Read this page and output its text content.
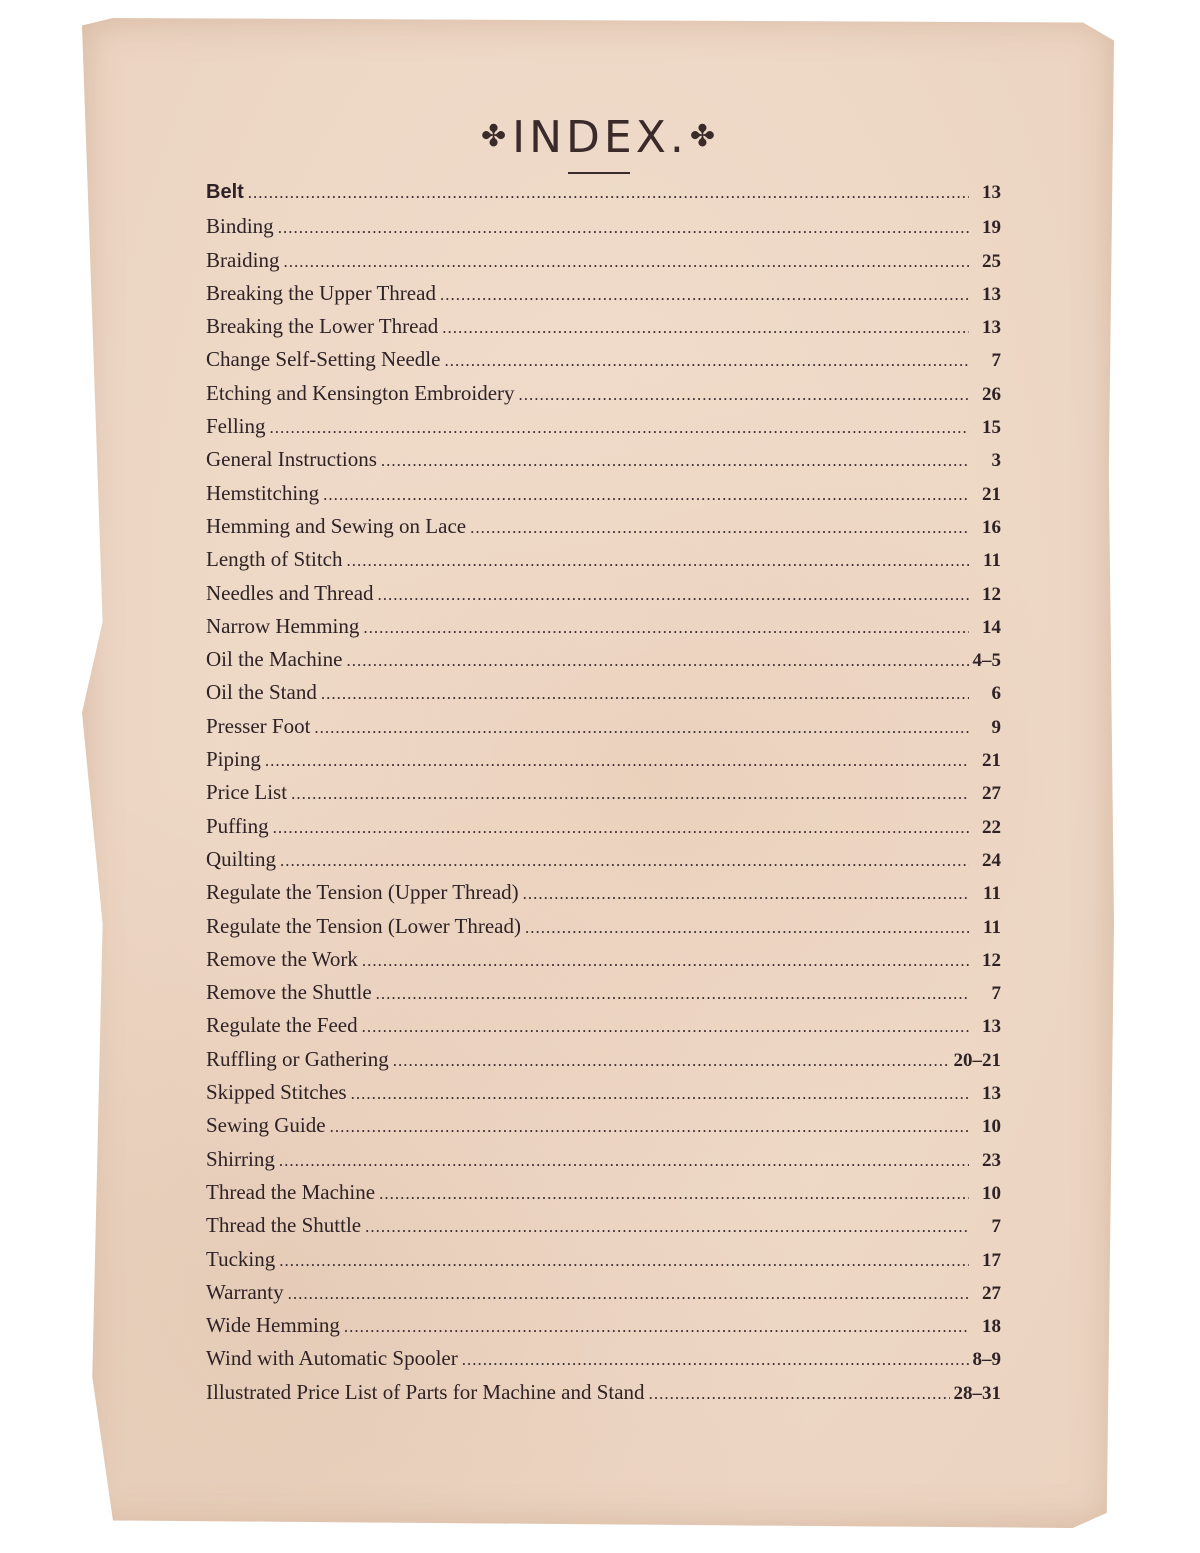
✤INDEX.✤
Belt .....	13
Binding .....	19
Braiding .....	25
Breaking the Upper Thread .....	13
Breaking the Lower Thread .....	13
Change Self-Setting Needle .....	7
Etching and Kensington Embroidery .....	26
Felling .....	15
General Instructions .....	3
Hemstitching .....	21
Hemming and Sewing on Lace .....	16
Length of Stitch .....	11
Needles and Thread .....	12
Narrow Hemming .....	14
Oil the Machine .....	4–5
Oil the Stand .....	6
Presser Foot .....	9
Piping .....	21
Price List .....	27
Puffing .....	22
Quilting .....	24
Regulate the Tension (Upper Thread) .....	11
Regulate the Tension (Lower Thread) .....	11
Remove the Work .....	12
Remove the Shuttle .....	7
Regulate the Feed .....	13
Ruffling or Gathering .....	20–21
Skipped Stitches .....	13
Sewing Guide .....	10
Shirring .....	23
Thread the Machine .....	10
Thread the Shuttle .....	7
Tucking .....	17
Warranty .....	27
Wide Hemming .....	18
Wind with Automatic Spooler .....	8–9
Illustrated Price List of Parts for Machine and Stand .....	28–31
